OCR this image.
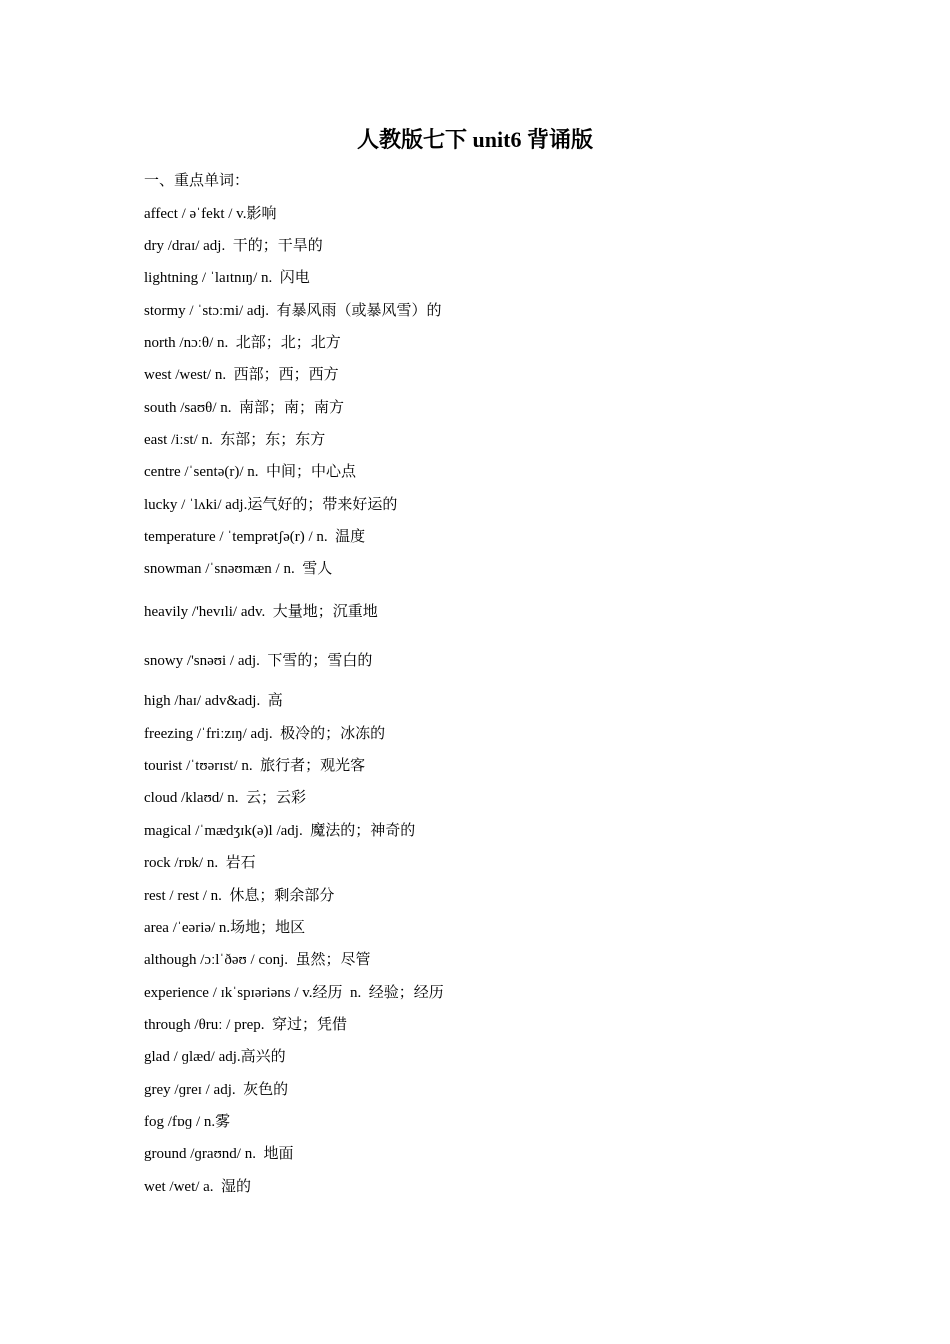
人教版七下 unit6 背诵版
一、重点单词：
affect / əˈfekt / v.影响
dry /draɪ/ adj.  干的；干旱的
lightning / ˈlaɪtnɪŋ/ n.  闪电
stormy / ˈstɔːmi/ adj.  有暴风雨（或暴风雪）的
north /nɔːθ/ n.  北部；北；北方
west /west/ n.  西部；西；西方
south /saʊθ/ n.  南部；南；南方
east /iːst/ n.  东部；东；东方
centre /ˈsentə(r)/ n.  中间；中心点
lucky / ˈlʌki/ adj.运气好的；带来好运的
temperature / ˈtemprətʃə(r) / n.  温度
snowman /ˈsnəʊmæn / n.  雪人
heavily /'hevɪli/ adv.  大量地；沉重地
snowy /'snəʊi / adj.  下雪的；雪白的
high /haɪ/ adv&adj.  高
freezing /ˈfriːzɪŋ/ adj.  极冷的；冰冻的
tourist /ˈtʊərɪst/ n.  旅行者；观光客
cloud /klaʊd/ n.  云；云彩
magical /ˈmædʒɪk(ə)l /adj.  魔法的；神奇的
rock /rɒk/ n.  岩石
rest / rest / n.  休息；剩余部分
area /ˈeəriə/ n.场地；地区
although /ɔːlˈðəʊ / conj.  虽然；尽管
experience / ɪkˈspɪəriəns / v.经历  n.  经验；经历
through /θruː / prep.  穿过；凭借
glad / ɡlæd/ adj.高兴的
grey /ɡreɪ / adj.  灰色的
fog /fɒɡ / n.雾
ground /ɡraʊnd/ n.  地面
wet /wet/ a.  湿的
